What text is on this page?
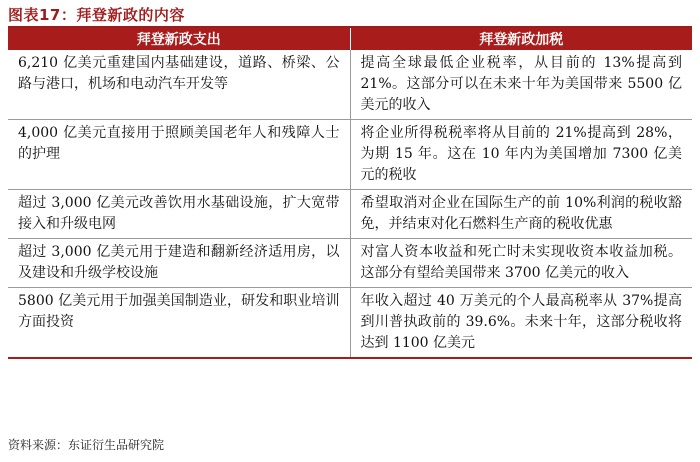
图表17：拜登新政的内容
拜登新政支出	拜登新政加税
6,210 亿美元重建国内基础建设，道路、桥梁、公路与港口，机场和电动汽车开发等	提高全球最低企业税率，从目前的 13%提高到 21%。这部分可以在未来十年为美国带来 5500 亿美元的收入
4,000 亿美元直接用于照顾美国老年人和残障人士的护理	将企业所得税税率将从目前的 21%提高到 28%，为期 15 年。这在 10 年内为美国增加 7300 亿美元的税收
超过 3,000 亿美元改善饮用水基础设施，扩大宽带接入和升级电网	希望取消对企业在国际生产的前 10%利润的税收豁免，并结束对化石燃料生产商的税收优惠
超过 3,000 亿美元用于建造和翻新经济适用房，以及建设和升级学校设施	对富人资本收益和死亡时未实现收资本收益加税。这部分有望给美国带来 3700 亿美元的收入
5800 亿美元用于加强美国制造业，研发和职业培训方面投资	年收入超过 40 万美元的个人最高税率从 37%提高到川普执政前的 39.6%。未来十年，这部分税收将达到 1100 亿美元
资料来源：东证衍生品研究院
